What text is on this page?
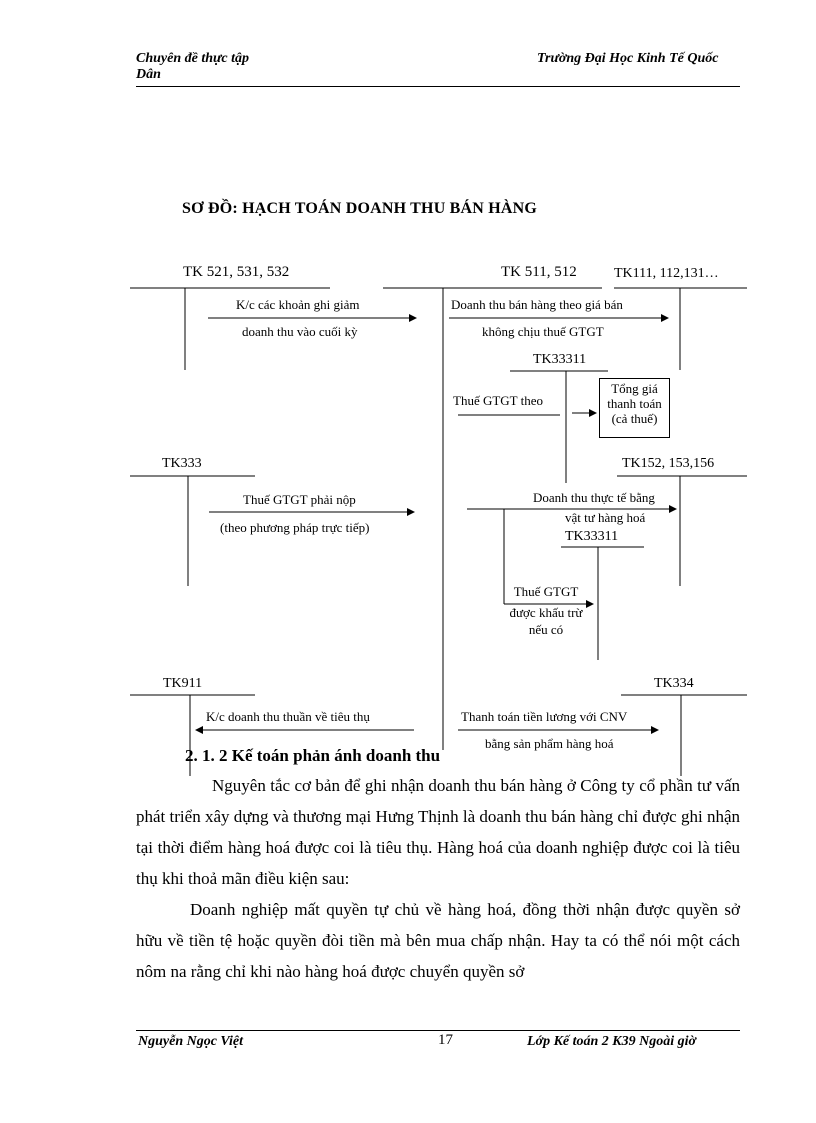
Chuyên đề thực tập
Dân
Trường Đại Học Kinh Tế Quốc
SƠ ĐỒ: HẠCH TOÁN DOANH THU BÁN HÀNG
TK 521, 531, 532	TK 511, 512	TK111, 112,131…
TK33311
TK333	TK152, 153,156
TK33311
TK911	TK334
K/c các khoản ghi giảm
doanh thu vào cuối kỳ
Doanh thu bán hàng theo giá bán
không chịu thuế GTGT
Thuế GTGT theo
Tổng giá thanh toán (cả thuế)
Thuế GTGT phải nộp
(theo phương pháp trực tiếp)
Doanh thu thực tế bằng
vật tư hàng hoá
Thuế GTGT
được khấu trừ
nếu có
K/c doanh thu thuần về tiêu thụ	Thanh toán tiền lương với CNV
bằng sản phẩm hàng hoá
2. 1. 2 Kế toán phản ánh doanh thu
Nguyên tắc cơ bản để ghi nhận doanh thu bán hàng ở Công ty cổ phần tư vấn phát triển xây dựng và thương mại Hưng Thịnh là doanh thu bán hàng chỉ được ghi nhận tại thời điểm hàng hoá được coi là tiêu thụ. Hàng hoá của doanh nghiệp được coi là tiêu thụ khi thoả mãn điều kiện sau:
Doanh nghiệp mất quyền tự chủ về hàng hoá, đồng thời nhận được quyền sở hữu về tiền tệ hoặc quyền đòi tiền mà bên mua chấp nhận. Hay ta có thể nói một cách nôm na rằng chỉ khi nào hàng hoá được chuyển quyền sở
Nguyễn Ngọc Việt	17	Lớp Kế toán 2 K39 Ngoài giờ
